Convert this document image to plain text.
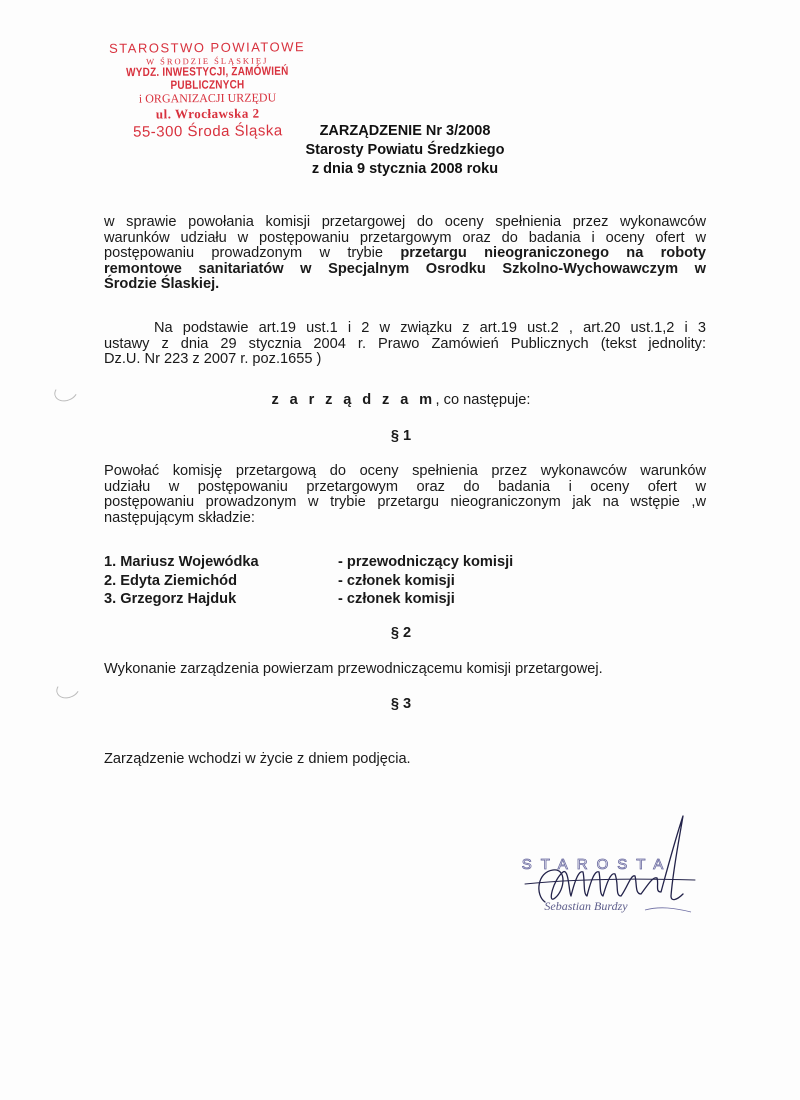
STAROSTWO POWIATOWE
W ŚRODZIE ŚLĄSKIEJ
WYDZ. INWESTYCJI, ZAMÓWIEŃ PUBLICZNYCH
i ORGANIZACJI URZĘDU
ul. Wrocławska 2
55-300 Środa Śląska	ZARZĄDZENIE Nr 3/2008
Starosty Powiatu Średzkiego
z dnia 9 stycznia 2008 roku
w sprawie powołania komisji przetargowej do oceny spełnienia przez wykonawców
warunków udziału w postępowaniu przetargowym oraz do badania i oceny ofert w
postępowaniu prowadzonym w trybie przetargu nieograniczonego na roboty
remontowe sanitariatów w Specjalnym Osrodku Szkolno-Wychowawczym w
Środzie Ślaskiej.
Na podstawie art.19 ust.1 i 2 w związku z art.19 ust.2 , art.20 ust.1,2 i 3
ustawy z dnia 29 stycznia 2004 r. Prawo Zamówień Publicznych (tekst jednolity:
Dz.U. Nr 223 z 2007 r. poz.1655 )
z a r z ą d z a m, co następuje:
§ 1
Powołać komisję przetargową do oceny spełnienia przez wykonawców warunków
udziału w postępowaniu przetargowym oraz do badania i oceny ofert w
postępowaniu prowadzonym w trybie przetargu nieograniczonym jak na wstępie ,w
następującym składzie:
1. Mariusz Wojewódka	- przewodniczący komisji
2. Edyta Ziemichód	- członek komisji
3. Grzegorz Hajduk	- członek komisji
§ 2
Wykonanie zarządzenia powierzam przewodniczącemu komisji przetargowej.
§ 3
Zarządzenie wchodzi w życie z dniem podjęcia.
STAROSTA
Sebastian Burdzy
